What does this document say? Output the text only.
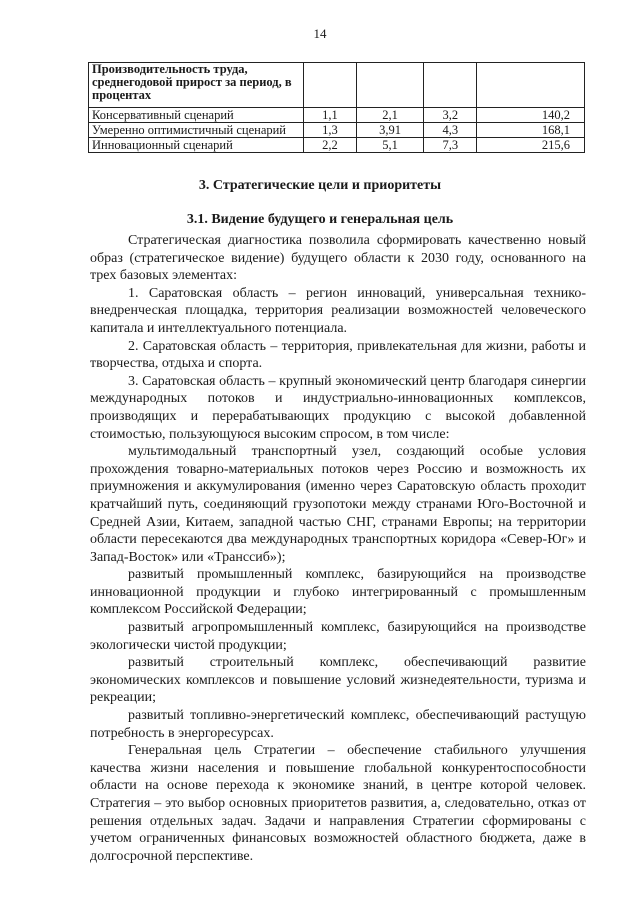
14
Производительность труда, среднегодовой прирост за период, в процентах				
Консервативный сценарий	1,1	2,1	3,2	140,2
Умеренно оптимистичный сценарий	1,3	3,91	4,3	168,1
Инновационный сценарий	2,2	5,1	7,3	215,6
3. Стратегические цели и приоритеты
3.1. Видение будущего и генеральная цель

Стратегическая диагностика позволила сформировать качественно новый образ (стратегическое видение) будущего области к 2030 году, основанного на трех базовых элементах:

1. Саратовская область – регион инноваций, универсальная технико-внедренческая площадка, территория реализации возможностей человеческого капитала и интеллектуального потенциала.

2. Саратовская область – территория, привлекательная для жизни, работы и творчества, отдыха и спорта.

3. Саратовская область – крупный экономический центр благодаря синергии международных потоков и индустриально-инновационных комплексов, производящих и перерабатывающих продукцию с высокой добавленной стоимостью, пользующуюся высоким спросом, в том числе:

мультимодальный транспортный узел, создающий особые условия прохождения товарно-материальных потоков через Россию и возможность их приумножения и аккумулирования (именно через Саратовскую область проходит кратчайший путь, соединяющий грузопотоки между странами Юго-Восточной и Средней Азии, Китаем, западной частью СНГ, странами Европы; на территории области пересекаются два международных транспортных коридора «Север-Юг» и Запад-Восток» или «Транссиб»);

развитый промышленный комплекс, базирующийся на производстве инновационной продукции и глубоко интегрированный с промышленным комплексом Российской Федерации;

развитый агропромышленный комплекс, базирующийся на производстве экологически чистой продукции;

развитый строительный комплекс, обеспечивающий развитие экономических комплексов и повышение условий жизнедеятельности, туризма и рекреации;

развитый топливно-энергетический комплекс, обеспечивающий растущую потребность в энергоресурсах.

Генеральная цель Стратегии – обеспечение стабильного улучшения качества жизни населения и повышение глобальной конкурентоспособности области на основе перехода к экономике знаний, в центре которой человек. Стратегия – это выбор основных приоритетов развития, а, следовательно, отказ от решения отдельных задач. Задачи и направления Стратегии сформированы с учетом ограниченных финансовых возможностей областного бюджета, даже в долгосрочной перспективе.
